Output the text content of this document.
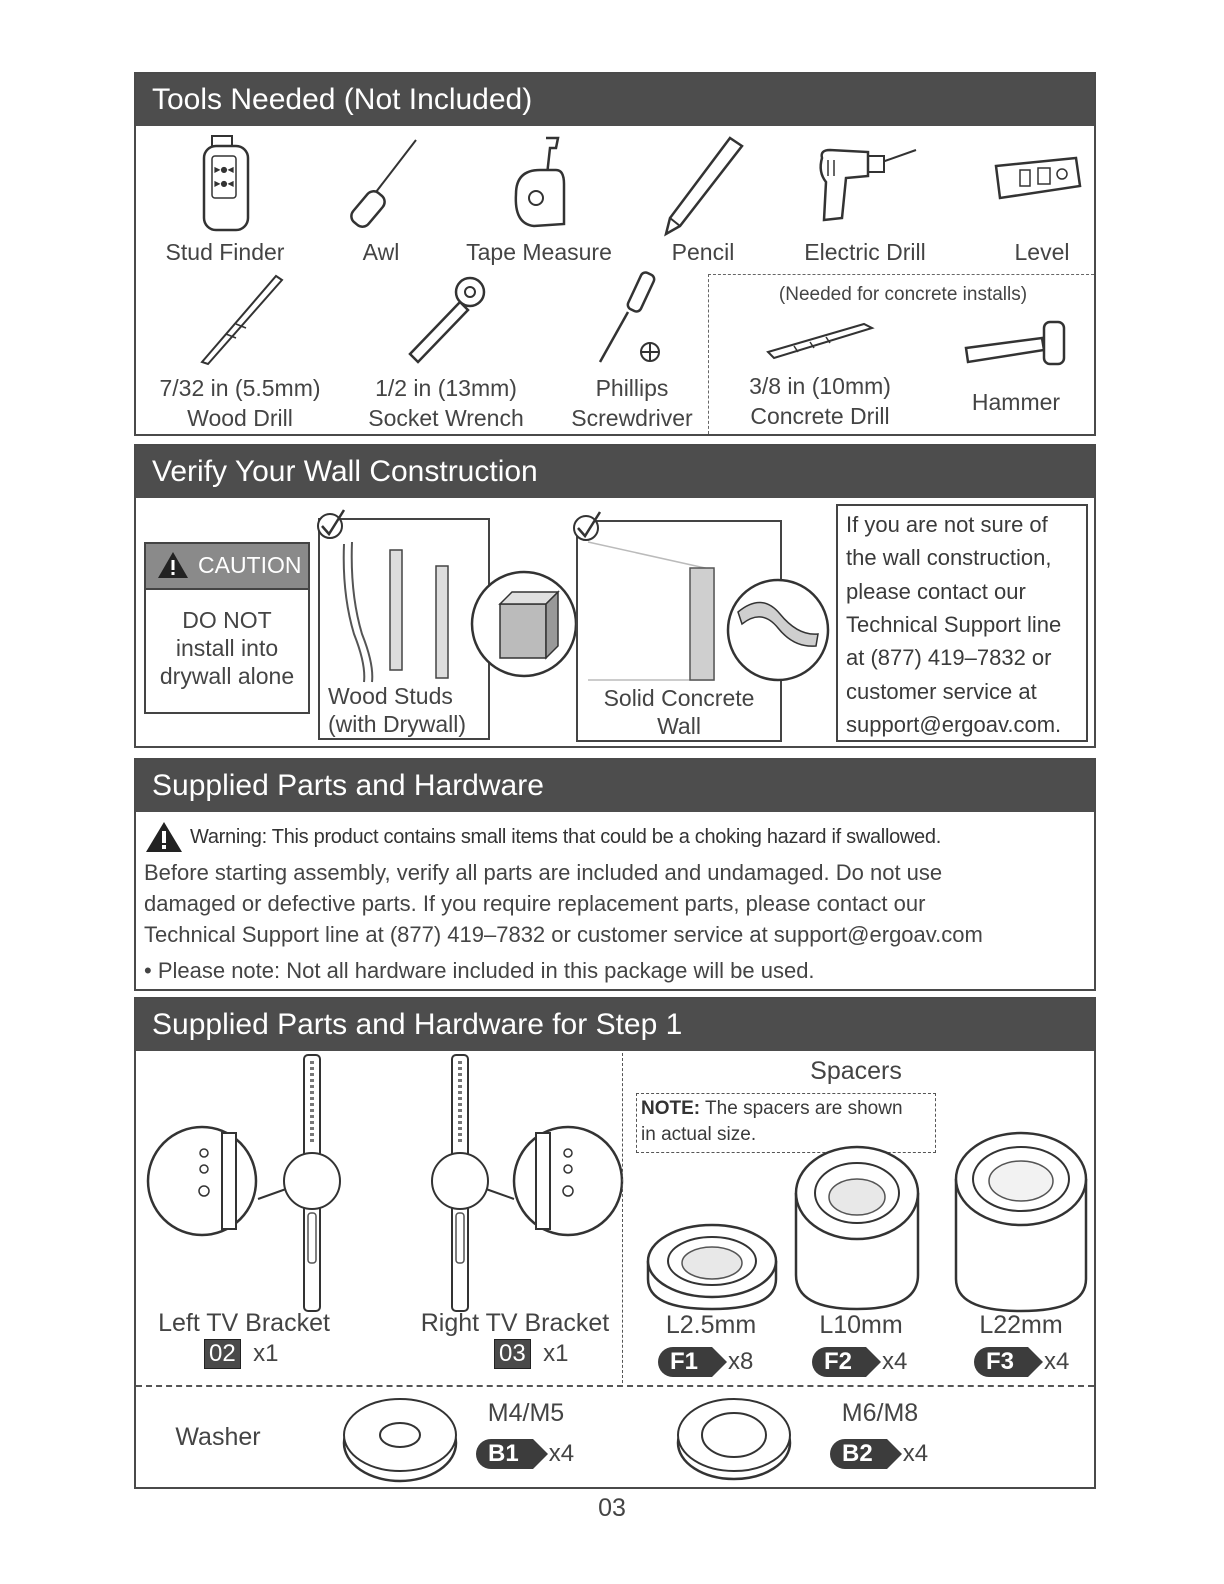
Tools Needed (Not Included)
▶●◀
▶●◀
Stud Finder	Awl	Tape Measure	Pencil	Electric Drill	Level
7/32 in (5.5mm)
Wood Drill
1/2 in (13mm)
Socket Wrench
Phillips
Screwdriver
(Needed for concrete installs)
3/8 in (10mm)
Concrete Drill
Hammer
Verify Your Wall Construction
CAUTION
DO NOT
install into
drywall alone
Wood Studs
(with Drywall)
Solid Concrete
Wall
If you are not sure of
the wall construction,
please contact our
Technical Support line
at (877) 419–7832 or
customer service at
support@ergoav.com.
Supplied Parts and Hardware
Warning: This product contains small items that could be a choking hazard if swallowed.
Before starting assembly, verify all parts are included and undamaged. Do not use
damaged or defective parts. If you require replacement parts, please contact our
Technical Support line at (877) 419–7832 or customer service at support@ergoav.com
• Please note: Not all hardware included in this package will be used.
Supplied Parts and Hardware for Step 1
Left TV Bracket
02 x1
Right TV Bracket
03 x1
Spacers
NOTE: The spacers are shown
in actual size.
L2.5mm	L10mm	L22mm
F1 x8	F2 x4	F3 x4
Washer
M4/M5
B1 x4
M6/M8
B2 x4
03
